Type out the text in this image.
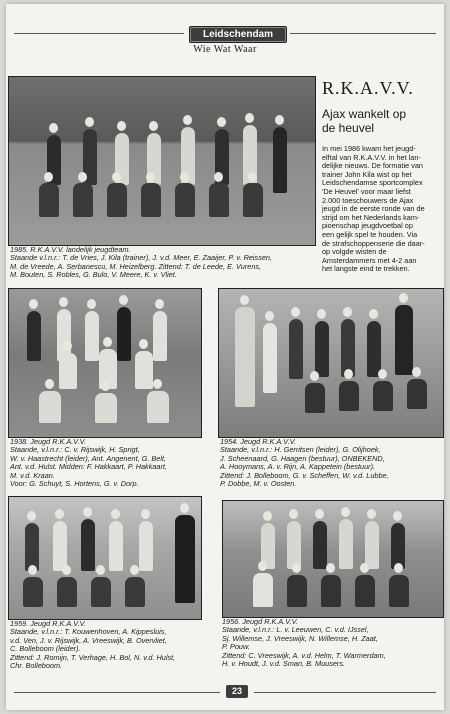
Leidschendam
Wie Wat Waar
R.K.A.V.V.
Ajax wankelt op
de heuvel
In mei 1986 kwam het jeugd-
elftal van R.K.A.V.V. in het lan-
delijke nieuws. De formatie van
trainer John Kila wist op het
Leidschendamse sportcomplex
'De Heuvel' voor maar liefst
2.000 toeschouwers de Ajax
jeugd in de eerste ronde van de
strijd om het Nederlands kam-
pioenschap jeugdvoetbal op
een gelijk spel te houden. Via
de strafschoppenserie die daar-
op volgde wisten de
Amsterdammers met 4-2 aan
het langste eind te trekken.
1985. R.K.A.V.V. landelijk jeugdteam.
Staande v.l.n.r.: T. de Vries, J. Kila (trainer), J. v.d. Meer, E. Zaaijer, P. v. Reissen,
M. de Vreede, A. Serbanescu, M. Heizelberg. Zittend: T. de Leede, E. Vurens,
M. Bouten, S. Robles, G. Bulo, V. Meere, K. v. Vliet.
1938. Jeugd R.K.A.V.V.
Staande, v.l.n.r.: C. v. Rijswijk, H. Sprigt,
W. v. Haastrecht (leider), Ant. Angenent, G. Belt,
Ant. v.d. Hulst. Midden: F. Hakkaart, P. Hakkaart,
M. v.d. Kraan.
Voor: G. Schuyt, S. Hortens, G. v. Dorp.
1954. Jeugd R.K.A.V.V.
Staande, v.l.n.r.: H. Gerritsen (leider), G. Olijhoek,
J. Scheenaard, G. Haagen (bestuur), ONBEKEND,
A. Hooymans, A. v. Rijn, A. Kappetein (bestuur).
Zittend: J. Bolleboom, G. v. Scheffen, W. v.d. Lubbe,
P. Dobbe, M. v. Oosten.
1959. Jeugd R.K.A.V.V.
Staande, v.l.n.r.: T. Kouwenhoven, A. Kippesluis,
v.d. Ven, J. v. Rijswijk, A. Vreeswijk, B. Overvliet,
C. Bolleboom (leider).
Zittend: J. Romijn, T. Verhage, H. Bol, N. v.d. Hulst,
Chr. Bolleboom.
1956. Jeugd R.K.A.V.V.
Staande, v.l.n.r.: L. v. Leeuwen, C. v.d. IJssel,
Sj. Willemse, J. Vreeswijk, N. Willemse, H. Zaat,
P. Pouw.
Zittend: C. Vreeswijk, A. v.d. Helm, T. Warmerdam,
H. v. Houdt, J. v.d. Sman, B. Muusers.
23
